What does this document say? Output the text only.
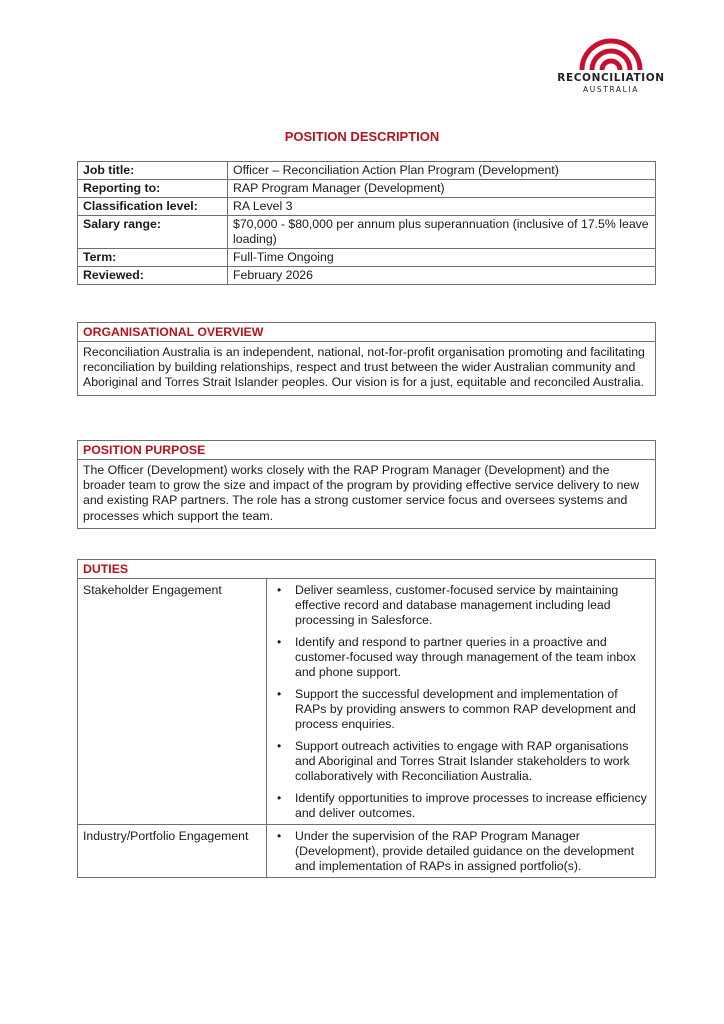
RECONCILIATION
AUSTRALIA
POSITION DESCRIPTION
Job title:	Officer – Reconciliation Action Plan Program (Development)
Reporting to:	RAP Program Manager (Development)
Classification level:	RA Level 3
Salary range:	$70,000 - $80,000 per annum plus superannuation (inclusive of 17.5% leave loading)
Term:	Full-Time Ongoing
Reviewed:	February 2026
ORGANISATIONAL OVERVIEW
Reconciliation Australia is an independent, national, not-for-profit organisation promoting and facilitating reconciliation by building relationships, respect and trust between the wider Australian community and Aboriginal and Torres Strait Islander peoples. Our vision is for a just, equitable and reconciled Australia.
POSITION PURPOSE
The Officer (Development) works closely with the RAP Program Manager (Development) and the broader team to grow the size and impact of the program by providing effective service delivery to new and existing RAP partners. The role has a strong customer service focus and oversees systems and processes which support the team.
DUTIES	
Stakeholder Engagement	• Deliver seamless, customer-focused service by maintaining effective record and database management including lead processing in Salesforce.
• Identify and respond to partner queries in a proactive and customer-focused way through management of the team inbox and phone support.
• Support the successful development and implementation of RAPs by providing answers to common RAP development and process enquiries.
• Support outreach activities to engage with RAP organisations and Aboriginal and Torres Strait Islander stakeholders to work collaboratively with Reconciliation Australia.
• Identify opportunities to improve processes to increase efficiency and deliver outcomes.

Industry/Portfolio Engagement	• Under the supervision of the RAP Program Manager (Development), provide detailed guidance on the development and implementation of RAPs in assigned portfolio(s).
